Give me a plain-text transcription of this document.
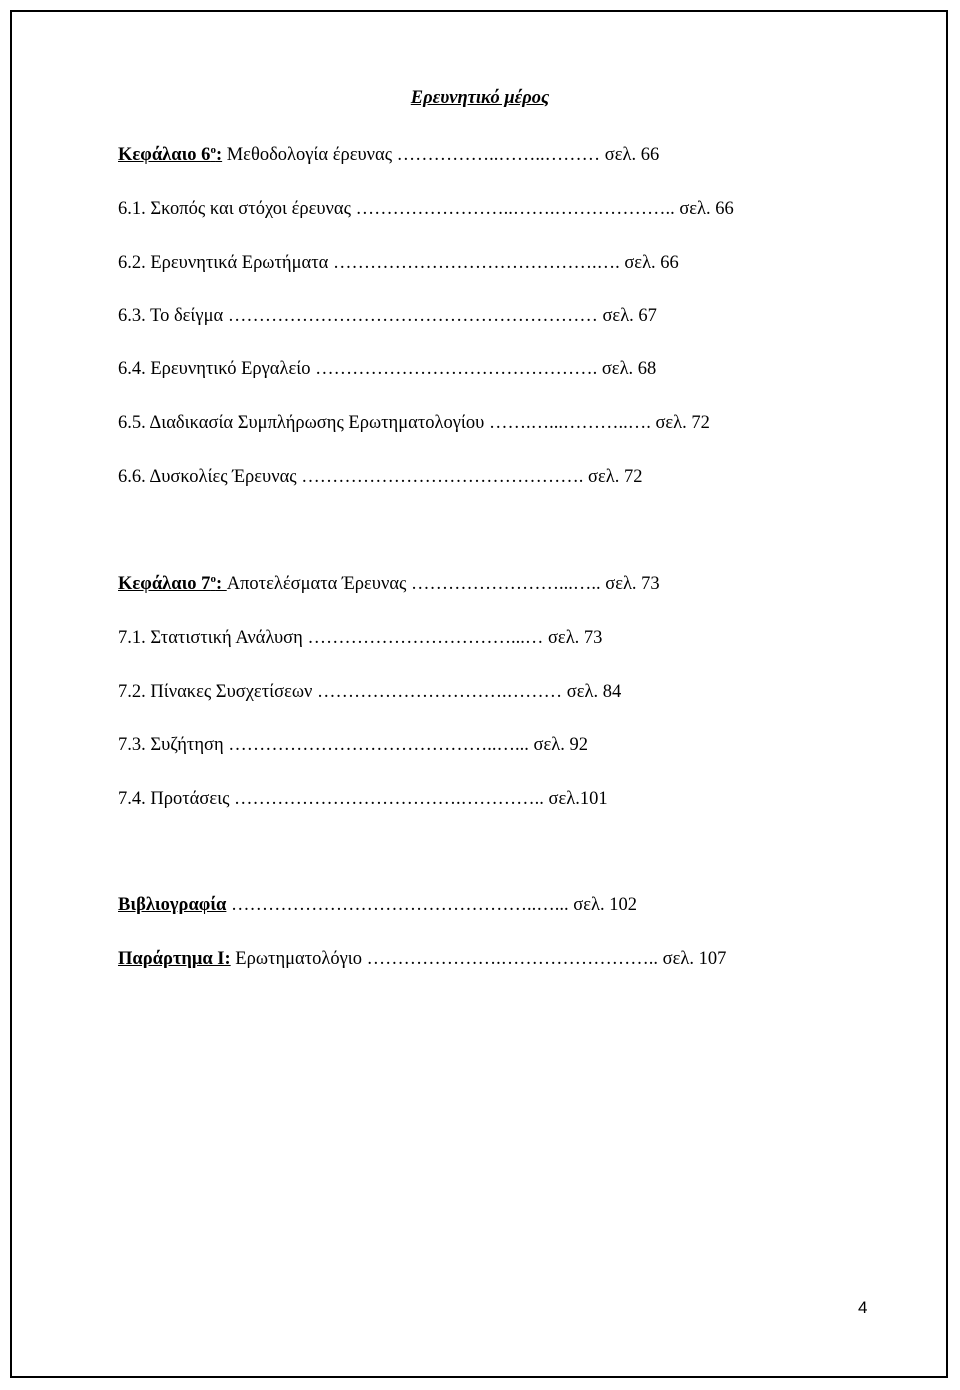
Ερευνητικό μέρος
Κεφάλαιο $6^o$: Μεθοδολογία έρευνας ……………..……..……… σελ. 66
6.1. Σκοπός και στόχοι έρευνας ……………………..…….……………….. σελ. 66
6.2. Ερευνητικά Ερωτήματα …………………………………….…. σελ. 66
6.3. Το δείγμα …………………………………………………… σελ. 67
6.4. Ερευνητικό Εργαλείο ………………………………………. σελ. 68
6.5. Διαδικασία Συμπλήρωσης Ερωτηματολογίου …….…...………..…. σελ. 72
6.6. Δυσκολίες Έρευνας ………………………………………. σελ. 72
Κεφάλαιο $7^o$: Αποτελέσματα Έρευνας ……………………...….. σελ. 73
7.1. Στατιστική Ανάλυση ……………………………...… σελ. 73
7.2. Πίνακες Συσχετίσεων ………………………….……… σελ. 84
7.3. Συζήτηση ……………………………………..…... σελ. 92
7.4. Προτάσεις ……………………………….………….. σελ.101
Βιβλιογραφία …………………………………………..…... σελ. 102
Παράρτημα Ι: Ερωτηματολόγιο ………………….…………………….. σελ. 107
4
